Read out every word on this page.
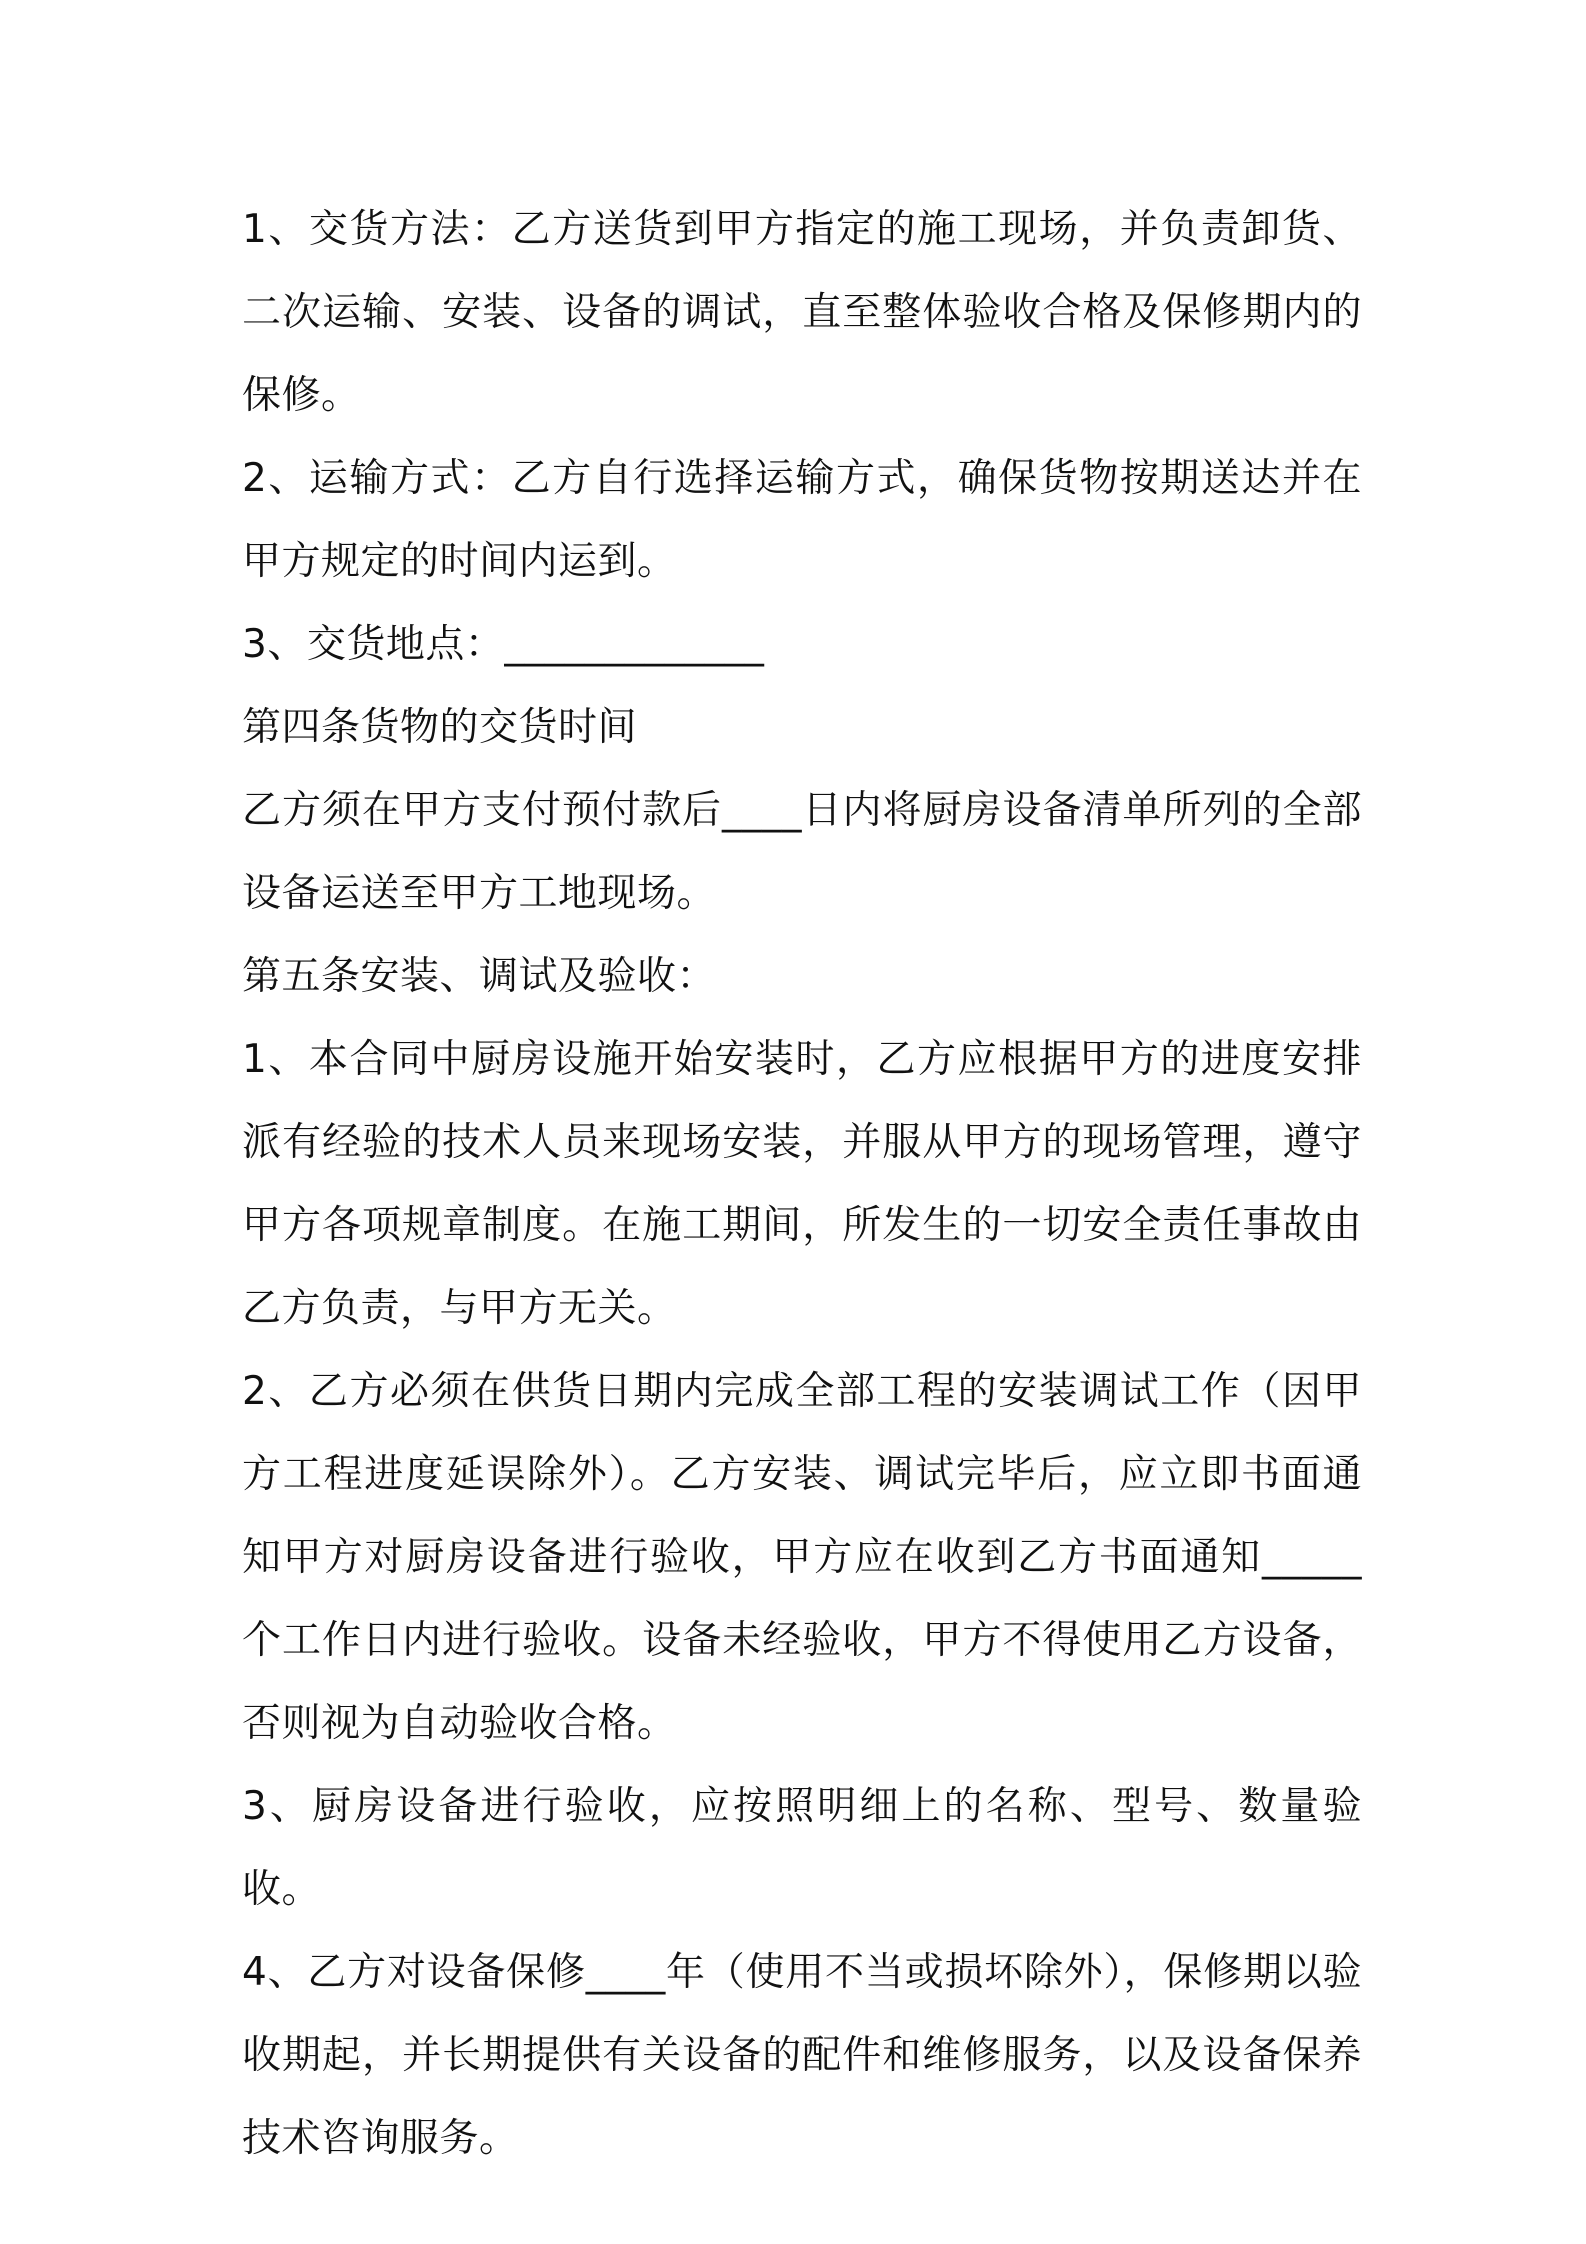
1、交货方法：乙方送货到甲方指定的施工现场，并负责卸货、二次运输、安装、设备的调试，直至整体验收合格及保修期内的保修。

2、运输方式：乙方自行选择运输方式，确保货物按期送达并在甲方规定的时间内运到。

3、交货地点：_____________

第四条货物的交货时间

乙方须在甲方支付预付款后____日内将厨房设备清单所列的全部设备运送至甲方工地现场。

第五条安装、调试及验收：

1、本合同中厨房设施开始安装时，乙方应根据甲方的进度安排派有经验的技术人员来现场安装，并服从甲方的现场管理，遵守甲方各项规章制度。在施工期间，所发生的一切安全责任事故由乙方负责，与甲方无关。

2、乙方必须在供货日期内完成全部工程的安装调试工作（因甲方工程进度延误除外）。乙方安装、调试完毕后，应立即书面通知甲方对厨房设备进行验收，甲方应在收到乙方书面通知_____个工作日内进行验收。设备未经验收，甲方不得使用乙方设备，否则视为自动验收合格。

3、厨房设备进行验收，应按照明细上的名称、型号、数量验收。

4、乙方对设备保修____年（使用不当或损坏除外），保修期以验收期起，并长期提供有关设备的配件和维修服务，以及设备保养技术咨询服务。
